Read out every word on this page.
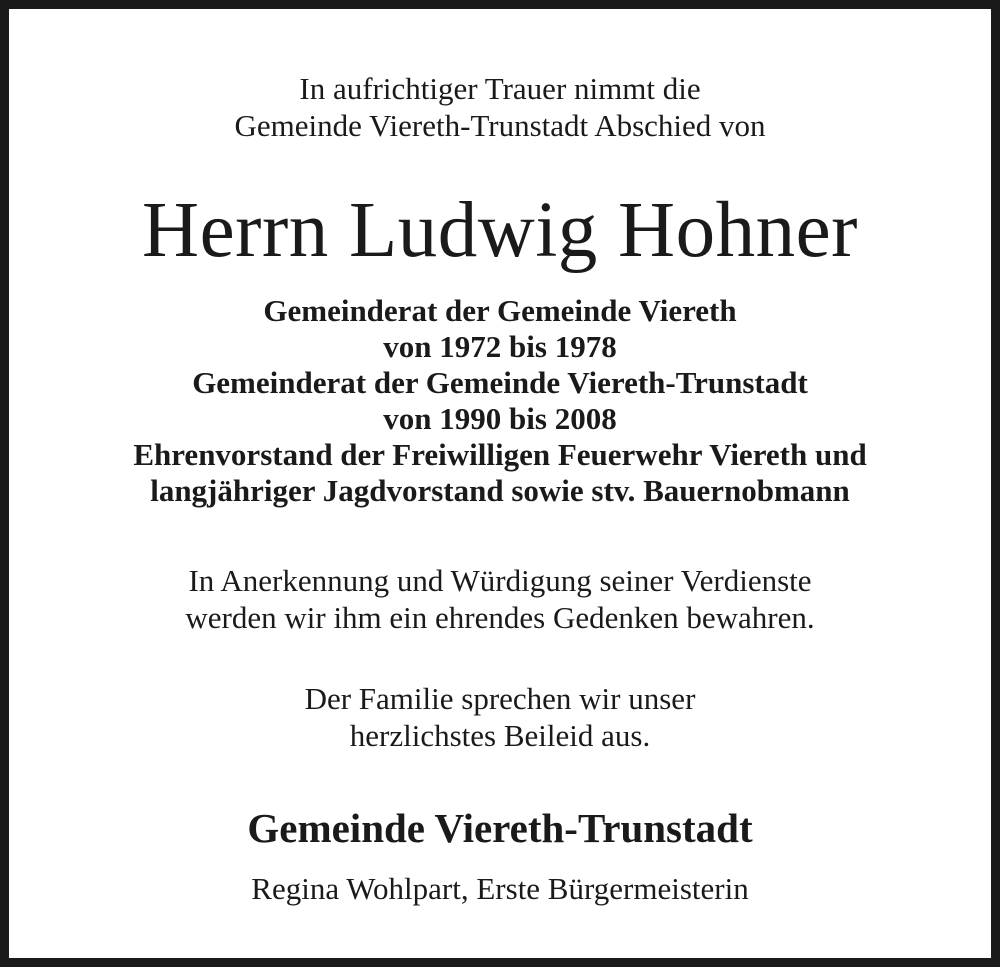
In aufrichtiger Trauer nimmt die
Gemeinde Viereth-Trunstadt Abschied von
Herrn Ludwig Hohner
Gemeinderat der Gemeinde Viereth
von 1972 bis 1978
Gemeinderat der Gemeinde Viereth-Trunstadt
von 1990 bis 2008
Ehrenvorstand der Freiwilligen Feuerwehr Viereth und
langjähriger Jagdvorstand sowie stv. Bauernobmann
In Anerkennung und Würdigung seiner Verdienste
werden wir ihm ein ehrendes Gedenken bewahren.
Der Familie sprechen wir unser
herzlichstes Beileid aus.
Gemeinde Viereth-Trunstadt
Regina Wohlpart, Erste Bürgermeisterin
